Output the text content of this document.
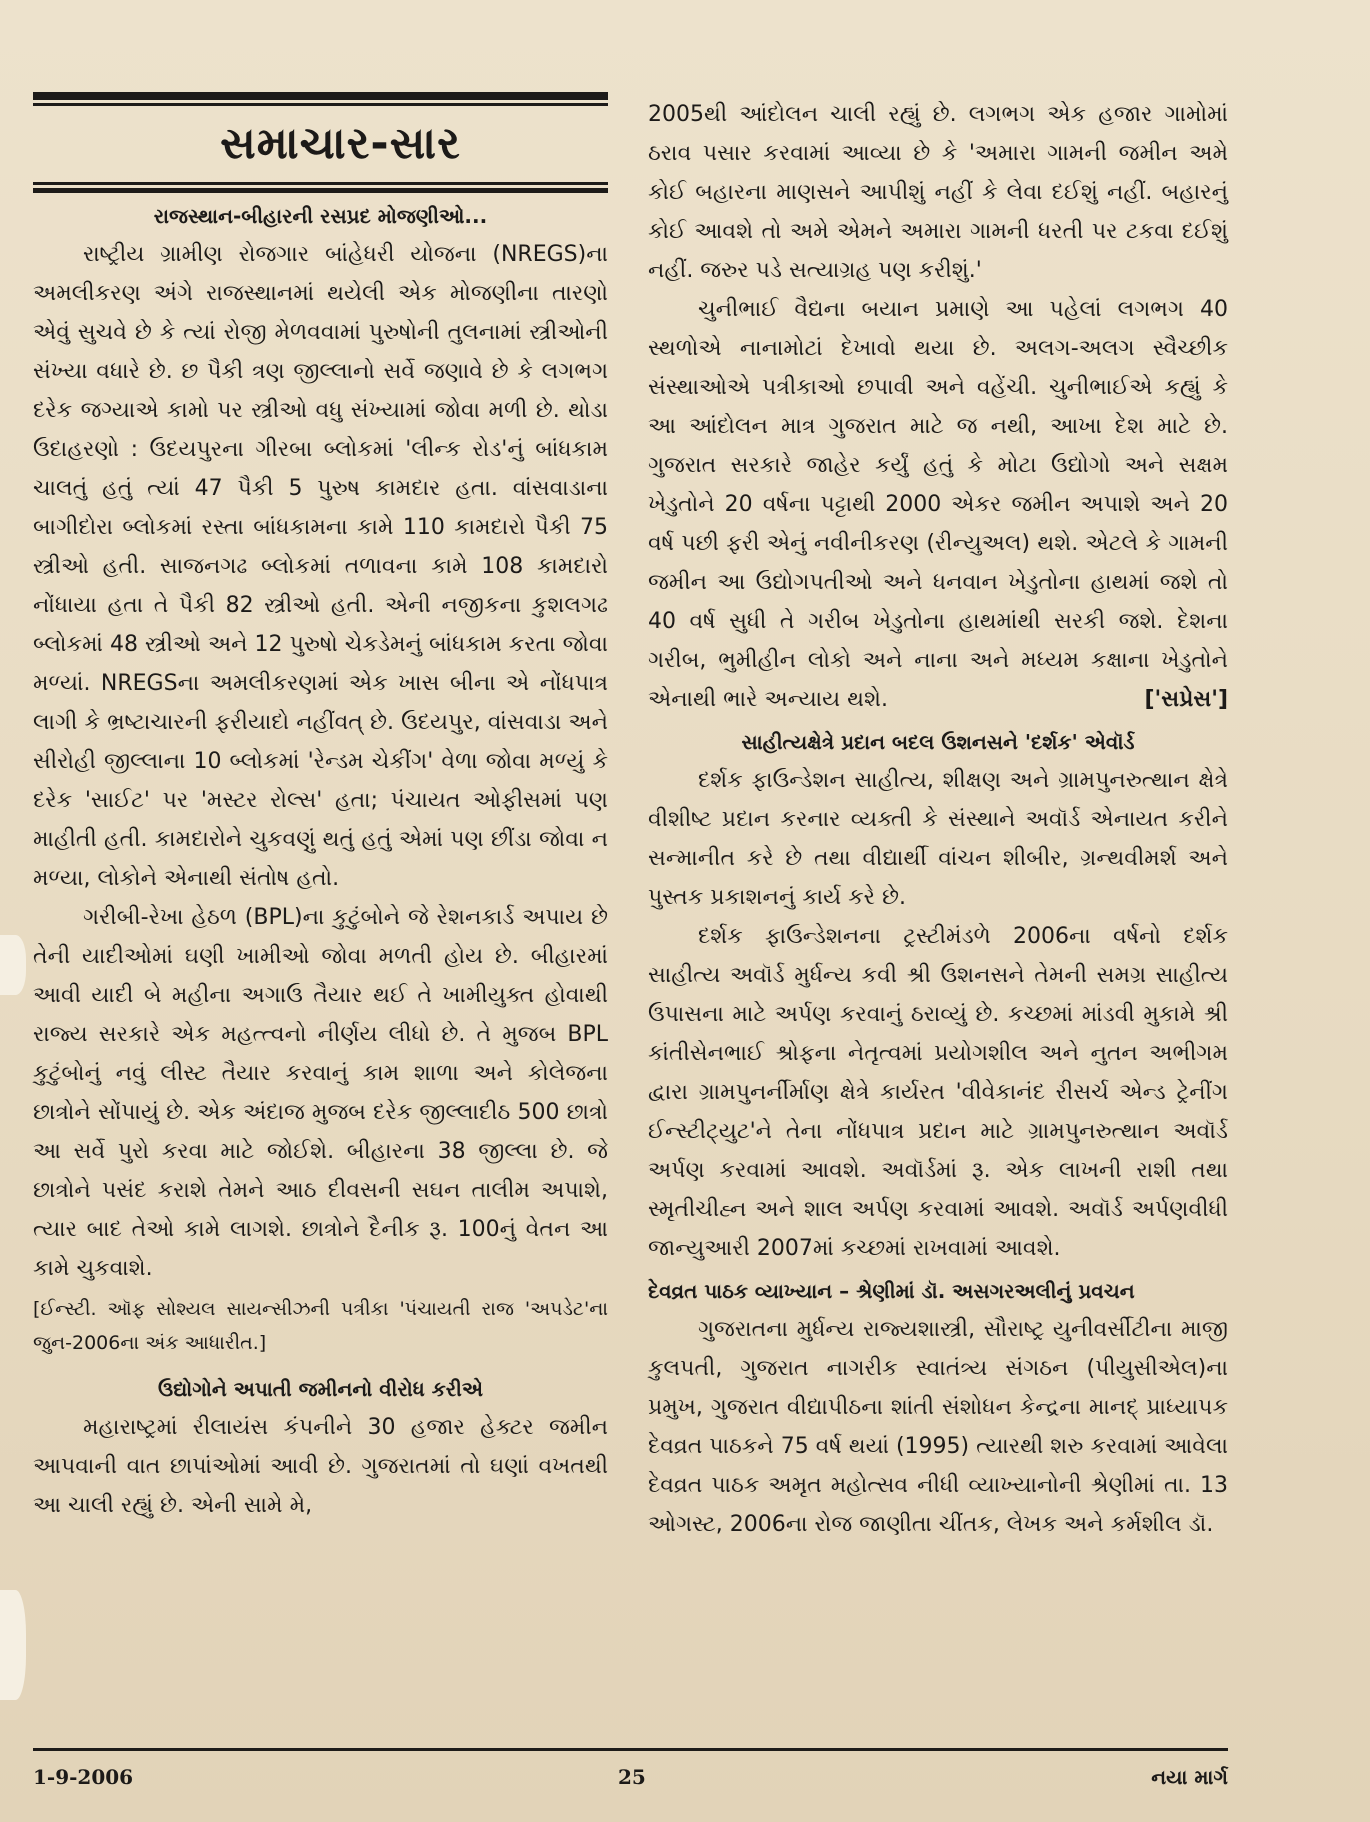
સમાચાર-સાર
રાજસ્થાન-બીહારની રસપ્રદ મોજણીઓ...

રાષ્ટ્રીય ગ્રામીણ રોજગાર બાંહેધરી યોજના (NREGS)ના અમલીકરણ અંગે રાજસ્થાનમાં થયેલી એક મોજણીના તારણો એવું સુચવે છે કે ત્યાં રોજી મેળવવામાં પુરુષોની તુલનામાં સ્ત્રીઓની સંખ્યા વધારે છે. છ પૈકી ત્રણ જીલ્લાનો સર્વે જણાવે છે કે લગભગ દરેક જગ્યાએ કામો પર સ્ત્રીઓ વધુ સંખ્યામાં જોવા મળી છે. થોડા ઉદાહરણો : ઉદયપુરના ગીરબા બ્લોકમાં 'લીન્ક રોડ'નું બાંધકામ ચાલતું હતું ત્યાં 47 પૈકી 5 પુરુષ કામદાર હતા. વાંસવાડાના બાગીદોરા બ્લોકમાં રસ્તા બાંધકામના કામે 110 કામદારો પૈકી 75 સ્ત્રીઓ હતી. સાજનગઢ બ્લોકમાં તળાવના કામે 108 કામદારો નોંધાયા હતા તે પૈકી 82 સ્ત્રીઓ હતી. એની નજીકના કુશલગઢ બ્લોકમાં 48 સ્ત્રીઓ અને 12 પુરુષો ચેકડેમનું બાંધકામ કરતા જોવા મળ્યાં. NREGSના અમલીકરણમાં એક ખાસ બીના એ નોંધપાત્ર લાગી કે ભ્રષ્ટાચારની ફરીયાદો નહીંવત્ છે. ઉદયપુર, વાંસવાડા અને સીરોહી જીલ્લાના 10 બ્લોકમાં 'રેન્ડમ ચેકીંગ' વેળા જોવા મળ્યું કે દરેક 'સાઈટ' પર 'મસ્ટર રોલ્સ' હતા; પંચાયત ઓફીસમાં પણ માહીતી હતી. કામદારોને ચુકવણું થતું હતું એમાં પણ છીંડા જોવા ન મળ્યા, લોકોને એનાથી સંતોષ હતો.

ગરીબી-રેખા હેઠળ (BPL)ના કુટુંબોને જે રેશનકાર્ડ અપાય છે તેની યાદીઓમાં ઘણી ખામીઓ જોવા મળતી હોય છે. બીહારમાં આવી યાદી બે મહીના અગાઉ તૈયાર થઈ તે ખામીયુક્ત હોવાથી રાજ્ય સરકારે એક મહત્ત્વનો નીર્ણય લીધો છે. તે મુજબ BPL કુટુંબોનું નવું લીસ્ટ તૈયાર કરવાનું કામ શાળા અને કોલેજના છાત્રોને સોંપાયું છે. એક અંદાજ મુજબ દરેક જીલ્લાદીઠ 500 છાત્રો આ સર્વે પુરો કરવા માટે જોઈશે. બીહારના 38 જીલ્લા છે. જે છાત્રોને પસંદ કરાશે તેમને આઠ દીવસની સઘન તાલીમ અપાશે, ત્યાર બાદ તેઓ કામે લાગશે. છાત્રોને દૈનીક રૂ. 100નું વેતન આ કામે ચુકવાશે.

[ઈન્સ્ટી. ઑફ સોશ્યલ સાયન્સીઝની પત્રીકા 'પંચાયતી રાજ 'અપડેટ'ના જુન-2006ના અંક આધારીત.]

ઉદ્યોગોને અપાતી જમીનનો વીરોધ કરીએ

મહારાષ્ટ્રમાં રીલાયંસ કંપનીને 30 હજાર હેક્ટર જમીન આપવાની વાત છાપાંઓમાં આવી છે. ગુજરાતમાં તો ઘણાં વખતથી આ ચાલી રહ્યું છે. એની સામે મે,

2005થી આંદોલન ચાલી રહ્યું છે. લગભગ એક હજાર ગામોમાં ઠરાવ પસાર કરવામાં આવ્યા છે કે 'અમારા ગામની જમીન અમે કોઈ બહારના માણસને આપીશું નહીં કે લેવા દઈશું નહીં. બહારનું કોઈ આવશે તો અમે એમને અમારા ગામની ધરતી પર ટકવા દઈશું નહીં. જરુર પડે સત્યાગ્રહ પણ કરીશું.'

ચુનીભાઈ વૈદ્યના બયાન પ્રમાણે આ પહેલાં લગભગ 40 સ્થળોએ નાનામોટાં દેખાવો થયા છે. અલગ-અલગ સ્વૈચ્છીક સંસ્થાઓએ પત્રીકાઓ છપાવી અને વહેંચી. ચુનીભાઈએ કહ્યું કે આ આંદોલન માત્ર ગુજરાત માટે જ નથી, આખા દેશ માટે છે. ગુજરાત સરકારે જાહેર કર્યું હતું કે મોટા ઉદ્યોગો અને સક્ષમ ખેડુતોને 20 વર્ષના પટ્ટાથી 2000 એકર જમીન અપાશે અને 20 વર્ષ પછી ફરી એનું નવીનીકરણ (રીન્યુઅલ) થશે. એટલે કે ગામની જમીન આ ઉદ્યોગપતીઓ અને ધનવાન ખેડુતોના હાથમાં જશે તો 40 વર્ષ સુધી તે ગરીબ ખેડુતોના હાથમાંથી સરકી જશે. દેશના ગરીબ, ભુમીહીન લોકો અને નાના અને મધ્યમ કક્ષાના ખેડુતોને એનાથી ભારે અન્યાય થશે.	['સપ્રેસ']

સાહીત્યક્ષેત્રે પ્રદાન બદલ ઉશનસને 'દર્શક' એવૉર્ડ

દર્શક ફાઉન્ડેશન સાહીત્ય, શીક્ષણ અને ગ્રામપુનરુત્થાન ક્ષેત્રે વીશીષ્ટ પ્રદાન કરનાર વ્યક્તી કે સંસ્થાને અવૉર્ડ એનાયત કરીને સન્માનીત કરે છે તથા વીદ્યાર્થી વાંચન શીબીર, ગ્રન્થવીમર્શ અને પુસ્તક પ્રકાશનનું કાર્ય કરે છે.

દર્શક ફાઉન્ડેશનના ટ્રસ્ટીમંડળે 2006ના વર્ષનો દર્શક સાહીત્ય અવૉર્ડ મુર્ધન્ય કવી શ્રી ઉશનસને તેમની સમગ્ર સાહીત્ય ઉપાસના માટે અર્પણ કરવાનું ઠરાવ્યું છે. કચ્છમાં માંડવી મુકામે શ્રી કાંતીસેનભાઈ શ્રોફના નેતૃત્વમાં પ્રયોગશીલ અને નુતન અભીગમ દ્વારા ગ્રામપુનર્નીર્માણ ક્ષેત્રે કાર્યરત 'વીવેકાનંદ રીસર્ચ એન્ડ ટ્રેનીંગ ઈન્સ્ટીટ્યુટ'ને તેના નોંધપાત્ર પ્રદાન માટે ગ્રામપુનરુત્થાન અવૉર્ડ અર્પણ કરવામાં આવશે. અવૉર્ડમાં રૂ. એક લાખની રાશી તથા સ્મૃતીચીહ્ન અને શાલ અર્પણ કરવામાં આવશે. અવૉર્ડ અર્પણવીધી જાન્યુઆરી 2007માં કચ્છમાં રાખવામાં આવશે.

દેવવ્રત પાઠક વ્યાખ્યાન – શ્રેણીમાં ડૉ. અસગરઅલીનું પ્રવચન

ગુજરાતના મુર્ધન્ય રાજ્યશાસ્ત્રી, સૌરાષ્ટ્ર યુનીવર્સીટીના માજી કુલપતી, ગુજરાત નાગરીક સ્વાતંત્ર્ય સંગઠન (પીયુસીએલ)ના પ્રમુખ, ગુજરાત વીદ્યાપીઠના શાંતી સંશોધન કેન્દ્રના માનદ્ પ્રાધ્યાપક દેવવ્રત પાઠકને 75 વર્ષ થયાં (1995) ત્યારથી શરુ કરવામાં આવેલા દેવવ્રત પાઠક અમૃત મહોત્સવ નીધી વ્યાખ્યાનોની શ્રેણીમાં તા. 13 ઓગસ્ટ, 2006ના રોજ જાણીતા ચીંતક, લેખક અને કર્મશીલ ડૉ.

1-9-2006	25	નયા માર્ગ
